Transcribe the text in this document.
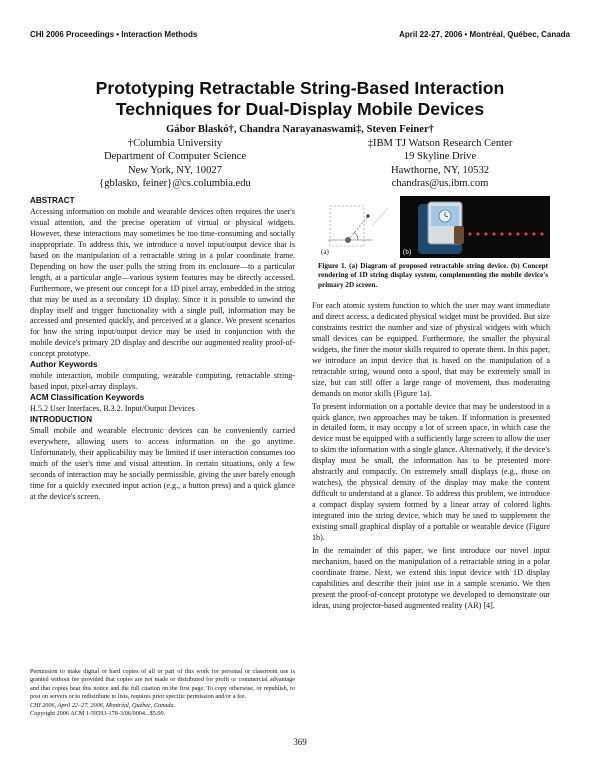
CHI 2006 Proceedings • Interaction Methods	April 22-27, 2006 • Montréal, Québec, Canada
Prototyping Retractable String-Based Interaction
Techniques for Dual-Display Mobile Devices
Gábor Blaskó†, Chandra Narayanaswami‡, Steven Feiner†
†Columbia University
Department of Computer Science
New York, NY, 10027
{gblasko, feiner}@cs.columbia.edu
‡IBM TJ Watson Research Center
19 Skyline Drive
Hawthorne, NY, 10532
chandras@us.ibm.com

ABSTRACT

Accessing information on mobile and wearable devices often requires the user's visual attention, and the precise operation of virtual or physical widgets. However, these interactions may sometimes be too time-consuming and socially inappropriate. To address this, we introduce a novel input/output device that is based on the manipulation of a retractable string in a polar coordinate frame. Depending on how the user pulls the string from its enclosure—to a particular length, at a particular angle—various system features may be directly accessed. Furthermore, we present our concept for a 1D pixel array, embedded in the string that may be used as a secondary 1D display. Since it is possible to unwind the display itself and trigger functionality with a single pull, information may be accessed and presented quickly, and perceived at a glance. We present scenarios for how the string input/output device may be used in conjunction with the mobile device's primary 2D display and describe our augmented reality proof-of-concept prototype.

Author Keywords

mobile interaction, mobile computing, wearable computing, retractable string-based input, pixel-array displays.

ACM Classification Keywords

H.5.2 User Interfaces, B.3.2. Input/Output Devices

INTRODUCTION

Small mobile and wearable electronic devices can be conveniently carried everywhere, allowing users to access information on the go anytime. Unfortunately, their applicability may be limited if user interaction consumes too much of the user's time and visual attention. In certain situations, only a few seconds of interaction may be socially permissible, giving the user barely enough time for a quickly executed input action (e.g., a button press) and a quick glance at the device's screen.

Permission to make digital or hard copies of all or part of this work for personal or classroom use is granted without fee provided that copies are not made or distributed for profit or commercial advantage and that copies bear this notice and the full citation on the first page. To copy otherwise, or republish, to post on servers or to redistribute to lists, requires prior specific permission and/or a fee.

CHI 2006, April 22–27, 2006, Montréal, Québec, Canada.

Copyright 2006 ACM 1-59593-178-3/06/0004...$5.00.

(a)	(b)
Figure 1. (a) Diagram of proposed retractable string device. (b) Concept rendering of 1D string display system, complementing the mobile device's primary 2D screen.

For each atomic system function to which the user may want immediate and direct access, a dedicated physical widget must be provided. But size constraints restrict the number and size of physical widgets with which small devices can be equipped. Furthermore, the smaller the physical widgets, the finer the motor skills required to operate them. In this paper, we introduce an input device that is based on the manipulation of a retractable string, wound onto a spool, that may be extremely small in size, but can still offer a large range of movement, thus moderating demands on motor skills (Figure 1a).

To present information on a portable device that may be understood in a quick glance, two approaches may be taken. If information is presented in detailed form, it may occupy a lot of screen space, in which case the device must be equipped with a sufficiently large screen to allow the user to skim the information with a single glance. Alternatively, if the device's display must be small, the information has to be presented more abstractly and compactly. On extremely small displays (e.g., those on watches), the physical density of the display may make the content difficult to understand at a glance. To address this problem, we introduce a compact display system formed by a linear array of colored lights integrated into the string device, which may be used to supplement the existing small graphical display of a portable or wearable device (Figure 1b).

In the remainder of this paper, we first introduce our novel input mechanism, based on the manipulation of a retractable string in a polar coordinate frame. Next, we extend this input device with 1D display capabilities and describe their joint use in a sample scenario. We then present the proof-of-concept prototype we developed to demonstrate our ideas, using projector-based augmented reality (AR) [4].

369
